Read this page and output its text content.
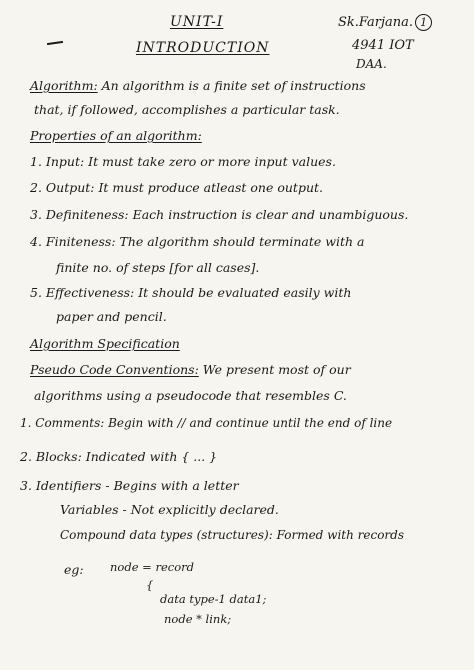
UNIT-I
INTRODUCTION
Sk.Farjana. 1
4941 IOT
DAA.
Algorithm: An algorithm is a finite set of instructions
that, if followed, accomplishes a particular task.
Properties of an algorithm:
1. Input: It must take zero or more input values.
2. Output: It must produce atleast one output.
3. Definiteness: Each instruction is clear and unambiguous.
4. Finiteness: The algorithm should terminate with a
finite no. of steps [for all cases].
5. Effectiveness: It should be evaluated easily with
paper and pencil.
Algorithm Specification
Pseudo Code Conventions: We present most of our
algorithms using a pseudocode that resembles C.
1. Comments: Begin with // and continue until the end of line
2. Blocks: Indicated with { ... }
3. Identifiers - Begins with a letter
Variables - Not explicitly declared.
Compound data types (structures): Formed with records
eg: node = record
{
data type-1 data1;
node * link;
